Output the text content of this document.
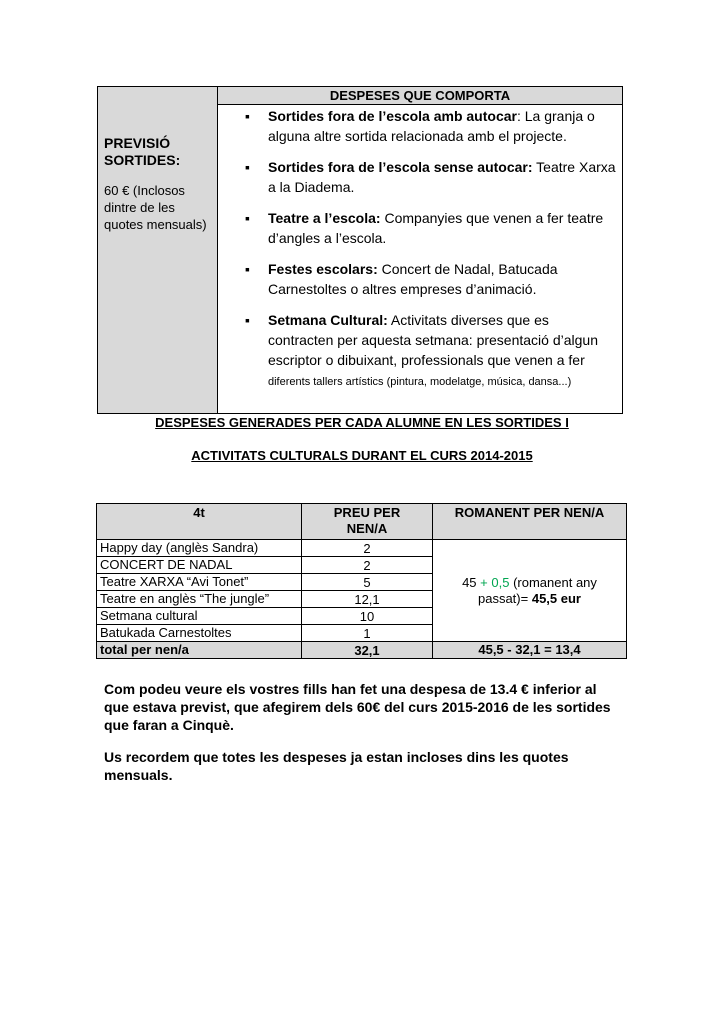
PREVISIÓ SORTIDES:
60 € (Inclosos dintre de les quotes mensuals)
	DESPESES QUE COMPORTA

▪ Sortides fora de l’escola amb autocar: La granja o alguna altre sortida relacionada amb el projecte.
▪ Sortides fora de l’escola sense autocar: Teatre Xarxa a la Diadema.
▪ Teatre a l’escola: Companyies que venen a fer teatre d’angles a l’escola.
▪ Festes escolars: Concert de Nadal, Batucada Carnestoltes o altres empreses d’animació.
▪ Setmana Cultural: Activitats diverses que es contracten per aquesta setmana: presentació d’algun escriptor o dibuixant, professionals que venen a fer diferents tallers artístics (pintura, modelatge, música, dansa...)
DESPESES GENERADES PER CADA ALUMNE EN LES SORTIDES I
ACTIVITATS CULTURALS DURANT EL CURS 2014-2015
4t	PREU PER NEN/A	ROMANENT PER NEN/A
Happy day (anglès Sandra)	2	45 + 0,5 (romanent any passat)= 45,5 eur
CONCERT DE NADAL	2	
Teatre XARXA “Avi Tonet”	5	
Teatre en anglès “The jungle”	12,1	
Setmana cultural	10	
Batukada Carnestoltes	1	
total per nen/a	32,1	45,5 - 32,1 = 13,4
Com podeu veure els vostres fills han fet una despesa de 13.4 € inferior al que estava previst, que afegirem dels 60€ del curs 2015-2016 de les sortides que faran a Cinquè.
Us recordem que totes les despeses ja estan incloses dins les quotes mensuals.
